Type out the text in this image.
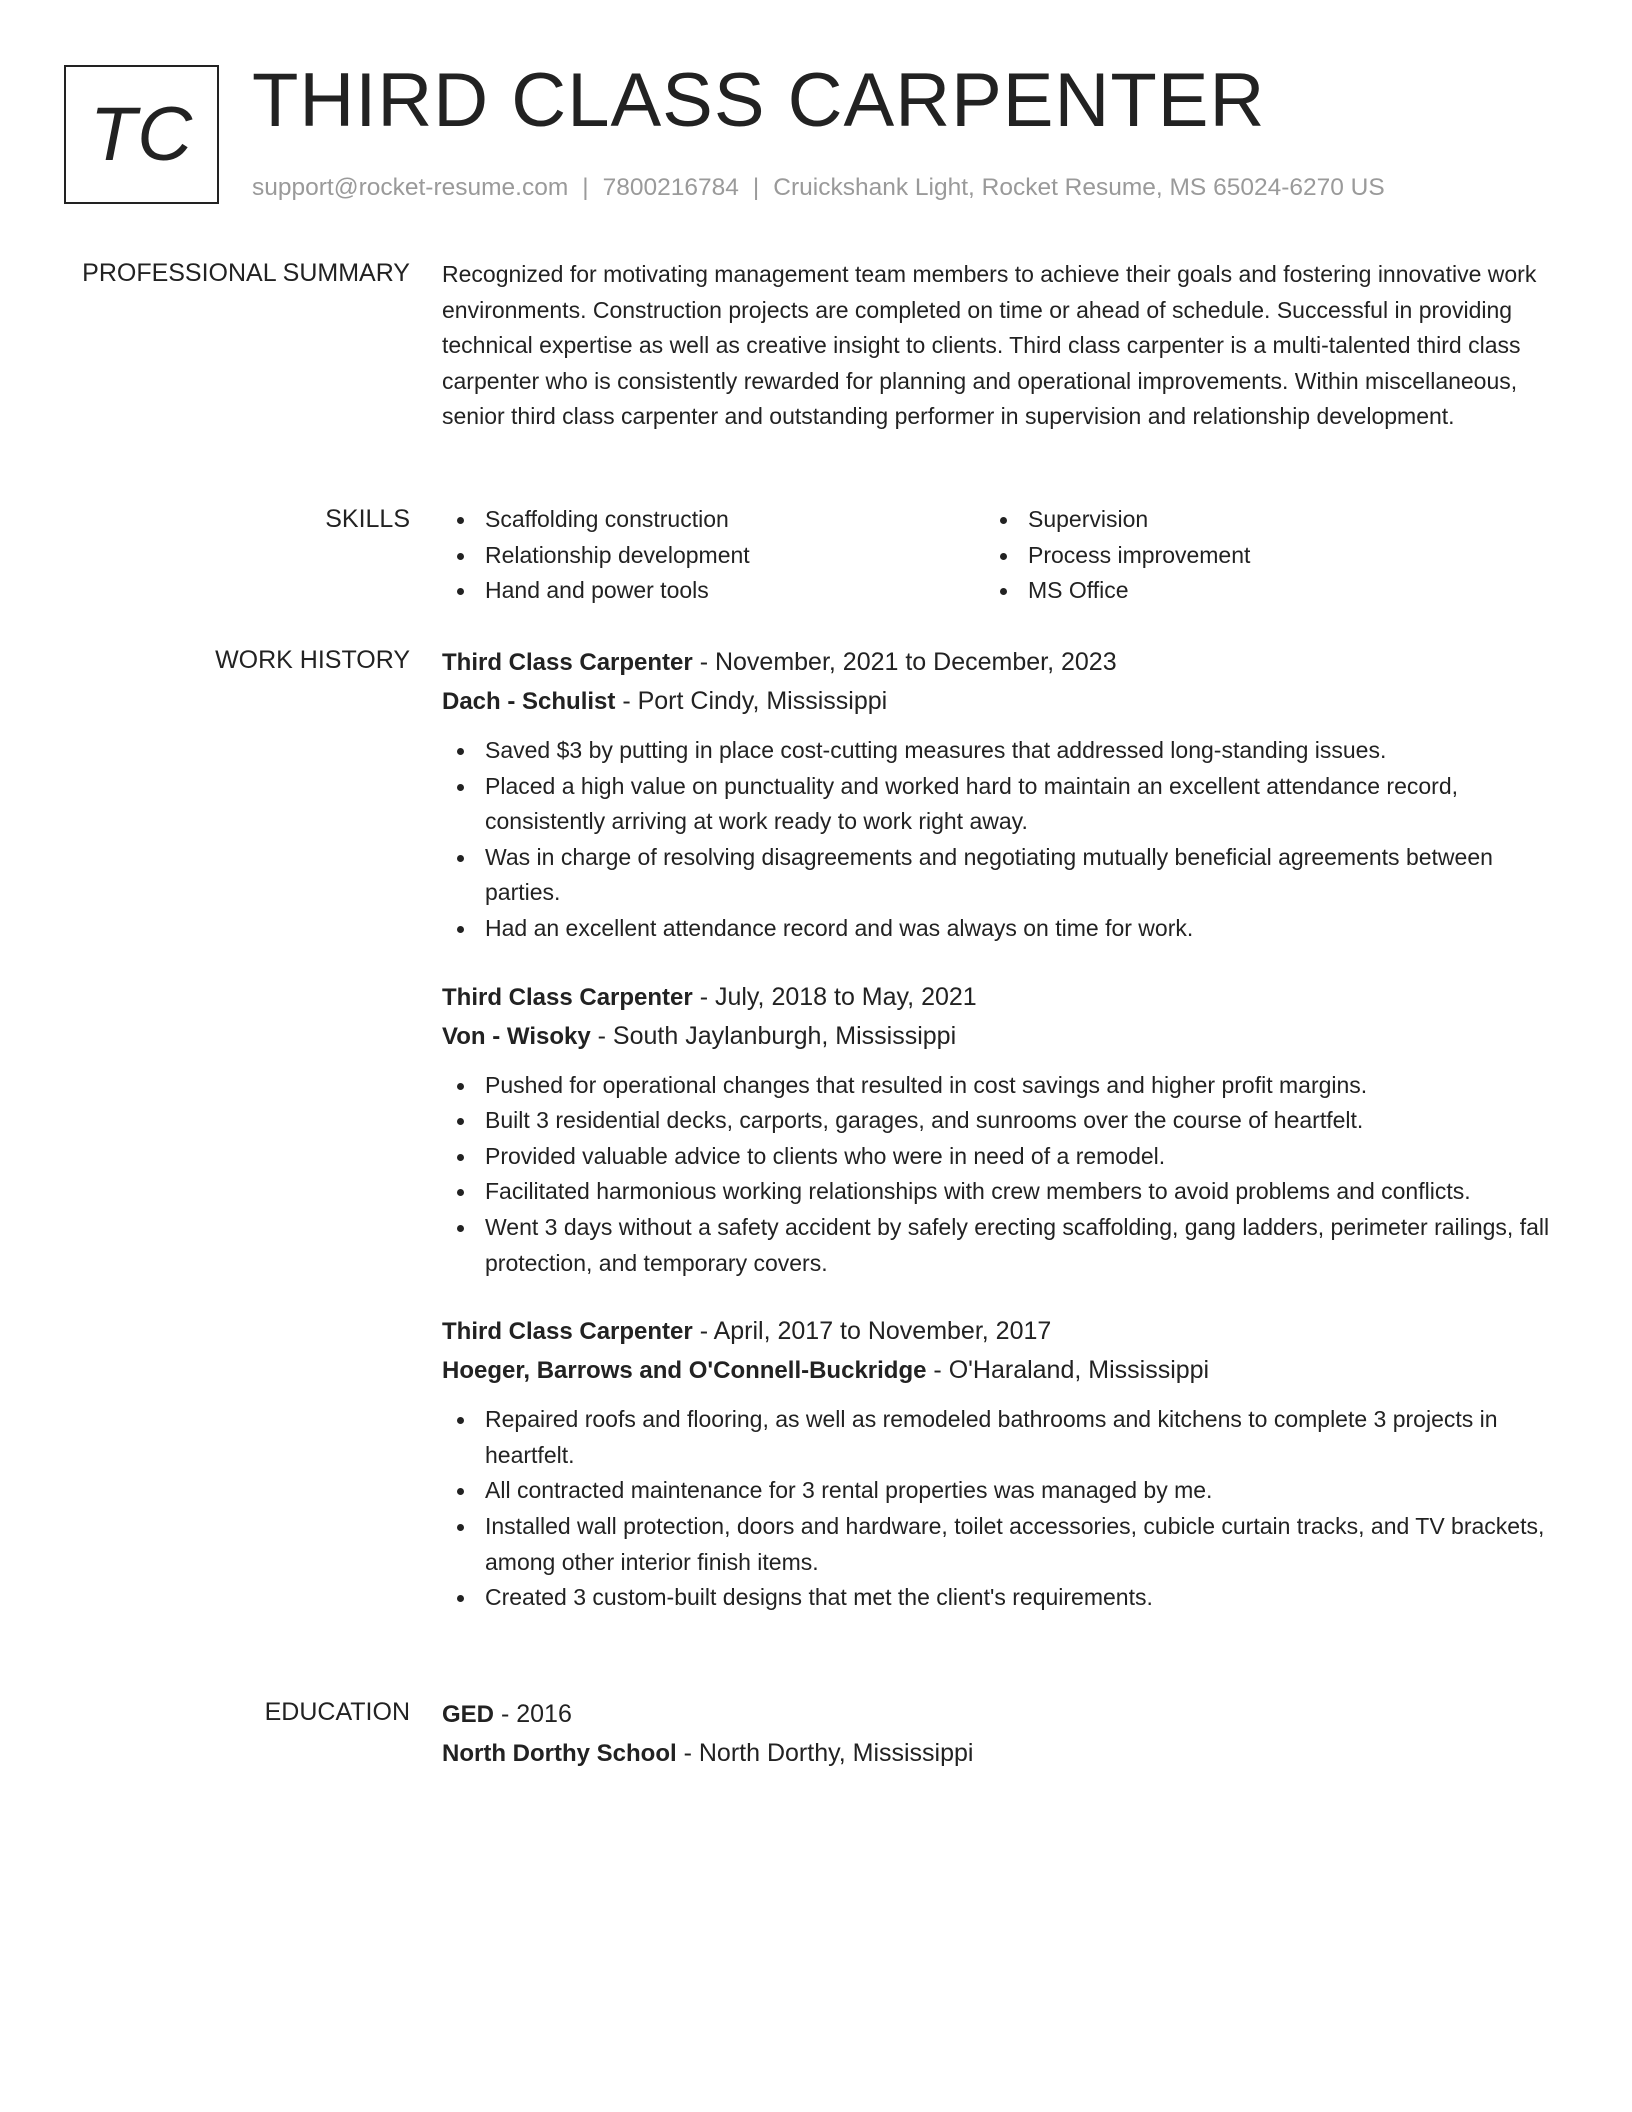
TC THIRD CLASS CARPENTER
support@rocket-resume.com | 7800216784 | Cruickshank Light, Rocket Resume, MS 65024-6270 US
PROFESSIONAL SUMMARY Recognized for motivating management team members to achieve their goals and fostering innovative work environments. Construction projects are completed on time or ahead of schedule. Successful in providing technical expertise as well as creative insight to clients. Third class carpenter is a multi-talented third class carpenter who is consistently rewarded for planning and operational improvements. Within miscellaneous, senior third class carpenter and outstanding performer in supervision and relationship development.

SKILLS	Scaffolding construction
Relationship development
Hand and power tools
Supervision
Process improvement
MS Office
WORK HISTORY Third Class Carpenter - November, 2021 to December, 2023
Dach - Schulist - Port Cindy, Mississippi
Saved $3 by putting in place cost-cutting measures that addressed long-standing issues.
Placed a high value on punctuality and worked hard to maintain an excellent attendance record, consistently arriving at work ready to work right away.
Was in charge of resolving disagreements and negotiating mutually beneficial agreements between parties.
Had an excellent attendance record and was always on time for work.
Third Class Carpenter - July, 2018 to May, 2021
Von - Wisoky - South Jaylanburgh, Mississippi
Pushed for operational changes that resulted in cost savings and higher profit margins.
Built 3 residential decks, carports, garages, and sunrooms over the course of heartfelt.
Provided valuable advice to clients who were in need of a remodel.
Facilitated harmonious working relationships with crew members to avoid problems and conflicts.
Went 3 days without a safety accident by safely erecting scaffolding, gang ladders, perimeter railings, fall protection, and temporary covers.
Third Class Carpenter - April, 2017 to November, 2017
Hoeger, Barrows and O'Connell-Buckridge - O'Haraland, Mississippi
Repaired roofs and flooring, as well as remodeled bathrooms and kitchens to complete 3 projects in heartfelt.
All contracted maintenance for 3 rental properties was managed by me.
Installed wall protection, doors and hardware, toilet accessories, cubicle curtain tracks, and TV brackets, among other interior finish items.
Created 3 custom-built designs that met the client's requirements.
EDUCATION GED - 2016
North Dorthy School - North Dorthy, Mississippi
